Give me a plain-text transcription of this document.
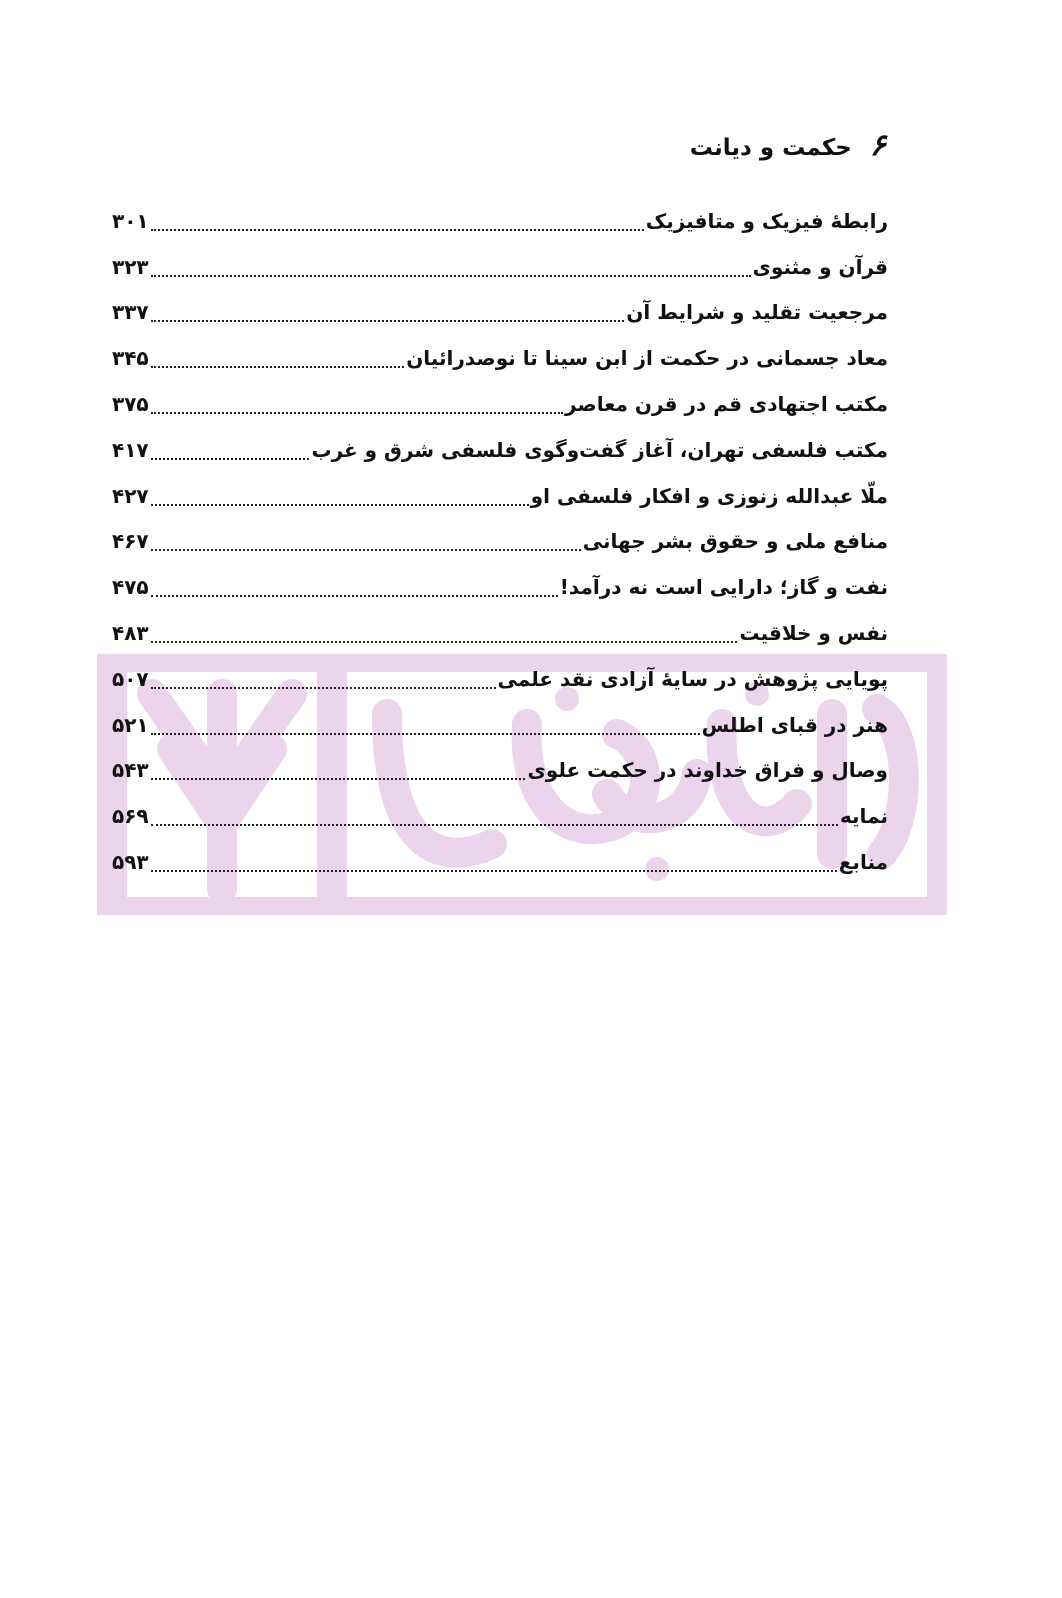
۶
حکمت و دیانت
رابطۀ فیزیک و متافیزیک
۳۰۱
قرآن و مثنوی
۳۲۳
مرجعیت تقلید و شرایط آن
۳۳۷
معاد جسمانی در حکمت از ابن سینا تا نوصدرائیان
۳۴۵
مکتب اجتهادی قم در قرن معاصر
۳۷۵
مکتب فلسفی تهران، آغاز گفت‌وگوی فلسفی شرق و غرب
۴۱۷
ملّا عبدالله زنوزی و افکار فلسفی او
۴۲۷
منافع ملی و حقوق بشر جهانی
۴۶۷
نفت و گاز؛ دارایی است نه درآمد!
۴۷۵
نفس و خلاقیت
۴۸۳
پویایی پژوهش در سایۀ آزادی نقد علمی
۵۰۷
هنر در قبای اطلس
۵۲۱
وصال و فراق خداوند در حکمت علوی
۵۴۳
نمایه
۵۶۹
منابع
۵۹۳
